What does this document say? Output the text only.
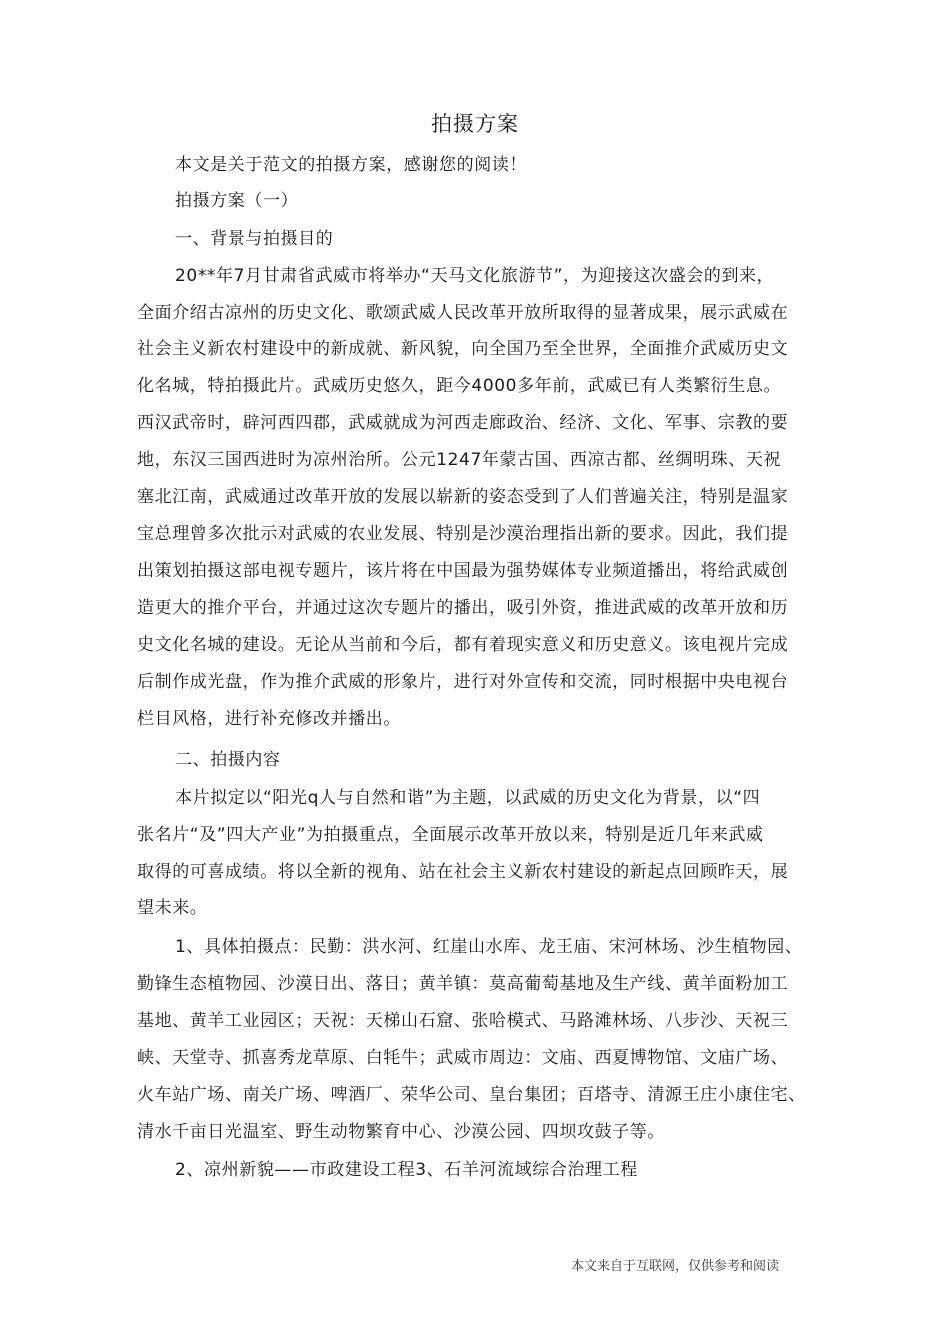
拍摄方案
本文是关于范文的拍摄方案，感谢您的阅读！
拍摄方案（一）
一、背景与拍摄目的
20**年7月甘肃省武威市将举办“天马文化旅游节”，为迎接这次盛会的到来，
全面介绍古凉州的历史文化、歌颂武威人民改革开放所取得的显著成果，展示武威在
社会主义新农村建设中的新成就、新风貌，向全国乃至全世界，全面推介武威历史文
化名城，特拍摄此片。武威历史悠久，距今4000多年前，武威已有人类繁衍生息。
西汉武帝时，辟河西四郡，武威就成为河西走廊政治、经济、文化、军事、宗教的要
地，东汉三国西进时为凉州治所。公元1247年蒙古国、西凉古都、丝绸明珠、天祝
塞北江南，武威通过改革开放的发展以崭新的姿态受到了人们普遍关注，特别是温家
宝总理曾多次批示对武威的农业发展、特别是沙漠治理指出新的要求。因此，我们提
出策划拍摄这部电视专题片，该片将在中国最为强势媒体专业频道播出，将给武威创
造更大的推介平台，并通过这次专题片的播出，吸引外资，推进武威的改革开放和历
史文化名城的建设。无论从当前和今后，都有着现实意义和历史意义。该电视片完成
后制作成光盘，作为推介武威的形象片，进行对外宣传和交流，同时根据中央电视台
栏目风格，进行补充修改并播出。
二、拍摄内容
本片拟定以“阳光q人与自然和谐”为主题，以武威的历史文化为背景，以“四
张名片“及”四大产业”为拍摄重点，全面展示改革开放以来，特别是近几年来武威
取得的可喜成绩。将以全新的视角、站在社会主义新农村建设的新起点回顾昨天，展
望未来。
1、具体拍摄点：民勤：洪水河、红崖山水库、龙王庙、宋河林场、沙生植物园、
勤锋生态植物园、沙漠日出、落日；黄羊镇：莫高葡萄基地及生产线、黄羊面粉加工
基地、黄羊工业园区；天祝：天梯山石窟、张哈模式、马路滩林场、八步沙、天祝三
峡、天堂寺、抓喜秀龙草原、白牦牛；武威市周边：文庙、西夏博物馆、文庙广场、
火车站广场、南关广场、啤酒厂、荣华公司、皇台集团；百塔寺、清源王庄小康住宅、
清水千亩日光温室、野生动物繁育中心、沙漠公园、四坝攻鼓子等。
2、凉州新貌——市政建设工程3、石羊河流域综合治理工程
本文来自于互联网，仅供参考和阅读
